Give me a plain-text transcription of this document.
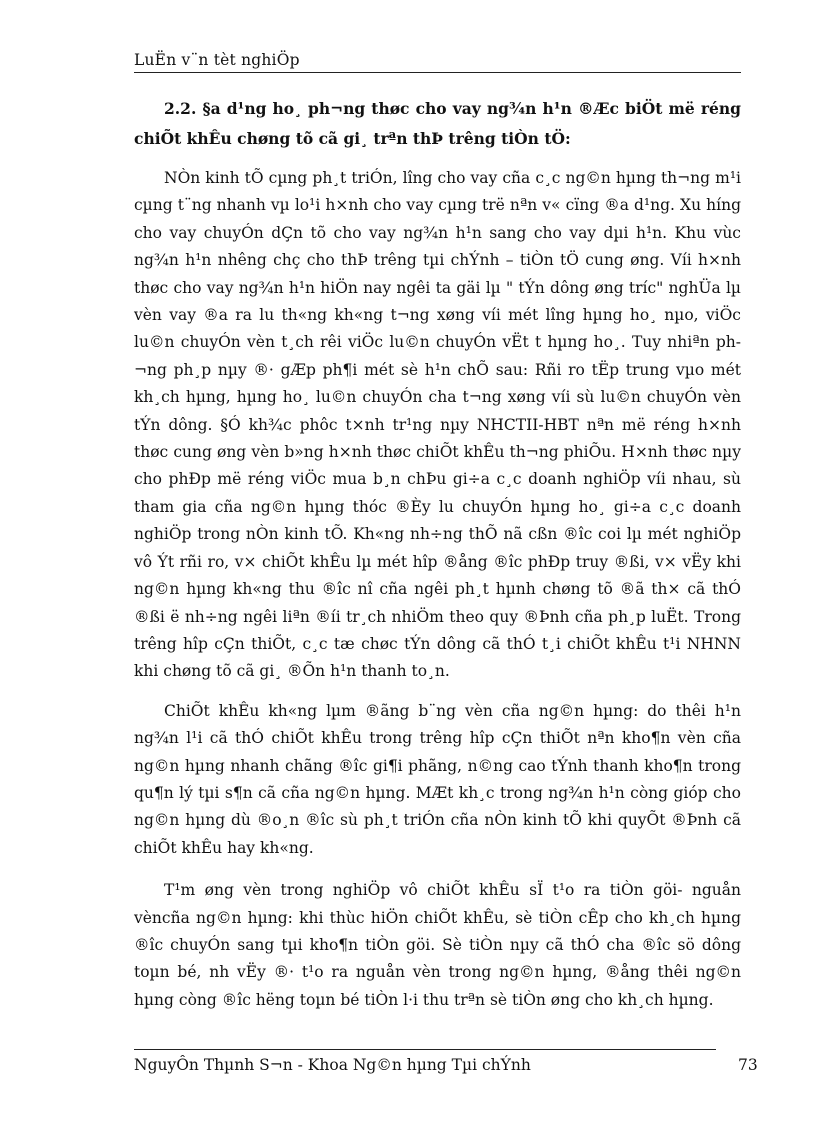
LuËn v¨n tèt nghiÖp

2.2. §a d¹ng ho¸ ph¬ng thøc cho vay ng¾n h¹n ®Æc biÖt më réng chiÕt khÊu chøng tõ cã gi¸ trªn thÞ trêng tiÒn tÖ:

NÒn kinh tÕ cµng ph¸t triÓn, lîng cho vay cña c¸c ng©n hµng th¬ng m¹i cµng t¨ng nhanh vµ lo¹i h×nh cho vay cµng trë nªn v« cïng ®a d¹ng. Xu híng cho vay chuyÓn dÇn tõ cho vay ng¾n h¹n sang cho vay dµi h¹n. Khu vùc ng¾n h¹n nhêng chç cho thÞ trêng tµi chÝnh – tiÒn tÖ cung øng. Víi h×nh thøc cho vay ng¾n h¹n hiÖn nay ngêi ta gäi lµ " tÝn dông øng tríc" nghÜa lµ vèn vay ®a ra lu th«ng kh«ng t¬ng xøng víi mét lîng hµng ho¸ nµo, viÖc lu©n chuyÓn vèn t¸ch rêi viÖc lu©n chuyÓn vËt t hµng ho¸. Tuy nhiªn ph¬ng ph¸p nµy ®· gÆp ph¶i mét sè h¹n chÕ sau: Rñi ro tËp trung vµo mét kh¸ch hµng, hµng ho¸ lu©n chuyÓn cha t¬ng xøng víi sù lu©n chuyÓn vèn tÝn dông. §Ó kh¾c phôc t×nh tr¹ng nµy NHCTII-HBT nªn më réng h×nh thøc cung øng vèn b»ng h×nh thøc chiÕt khÊu th¬ng phiÕu. H×nh thøc nµy cho phÐp më réng viÖc mua b¸n chÞu gi÷a c¸c doanh nghiÖp víi nhau, sù tham gia cña ng©n hµng thóc ®Èy lu chuyÓn hµng ho¸ gi÷a c¸c doanh nghiÖp trong nÒn kinh tÕ. Kh«ng nh÷ng thÕ nã cßn ®îc coi lµ mét nghiÖp vô Ýt rñi ro, v× chiÕt khÊu lµ mét hîp ®ång ®îc phÐp truy ®ßi, v× vËy khi ng©n hµng kh«ng thu ®îc nî cña ngêi ph¸t hµnh chøng tõ ®ã th× cã thÓ ®ßi ë nh÷ng ngêi liªn ®íi tr¸ch nhiÖm theo quy ®Þnh cña ph¸p luËt. Trong trêng hîp cÇn thiÕt, c¸c tæ chøc tÝn dông cã thÓ t¸i chiÕt khÊu t¹i NHNN khi chøng tõ cã gi¸ ®Õn h¹n thanh to¸n.

ChiÕt khÊu kh«ng lµm ®ãng b¨ng vèn cña ng©n hµng: do thêi h¹n ng¾n l¹i cã thÓ chiÕt khÊu trong trêng hîp cÇn thiÕt nªn kho¶n vèn cña ng©n hµng nhanh chãng ®îc gi¶i phãng, n©ng cao tÝnh thanh kho¶n trong qu¶n lý tµi s¶n cã cña ng©n hµng. MÆt kh¸c trong ng¾n h¹n còng gióp cho ng©n hµng dù ®o¸n ®îc sù ph¸t triÓn cña nÒn kinh tÕ khi quyÕt ®Þnh cã chiÕt khÊu hay kh«ng.

T¹m øng vèn trong nghiÖp vô chiÕt khÊu sÏ t¹o ra tiÒn göi- nguån vèncña ng©n hµng: khi thùc hiÖn chiÕt khÊu, sè tiÒn cÊp cho kh¸ch hµng ®îc chuyÓn sang tµi kho¶n tiÒn göi. Sè tiÒn nµy cã thÓ cha ®îc sö dông toµn bé, nh vËy ®· t¹o ra nguån vèn trong ng©n hµng, ®ång thêi ng©n hµng còng ®îc hëng toµn bé tiÒn l·i thu trªn sè tiÒn øng cho kh¸ch hµng.

NguyÔn Thµnh S¬n - Khoa Ng©n hµng Tµi chÝnh	73
